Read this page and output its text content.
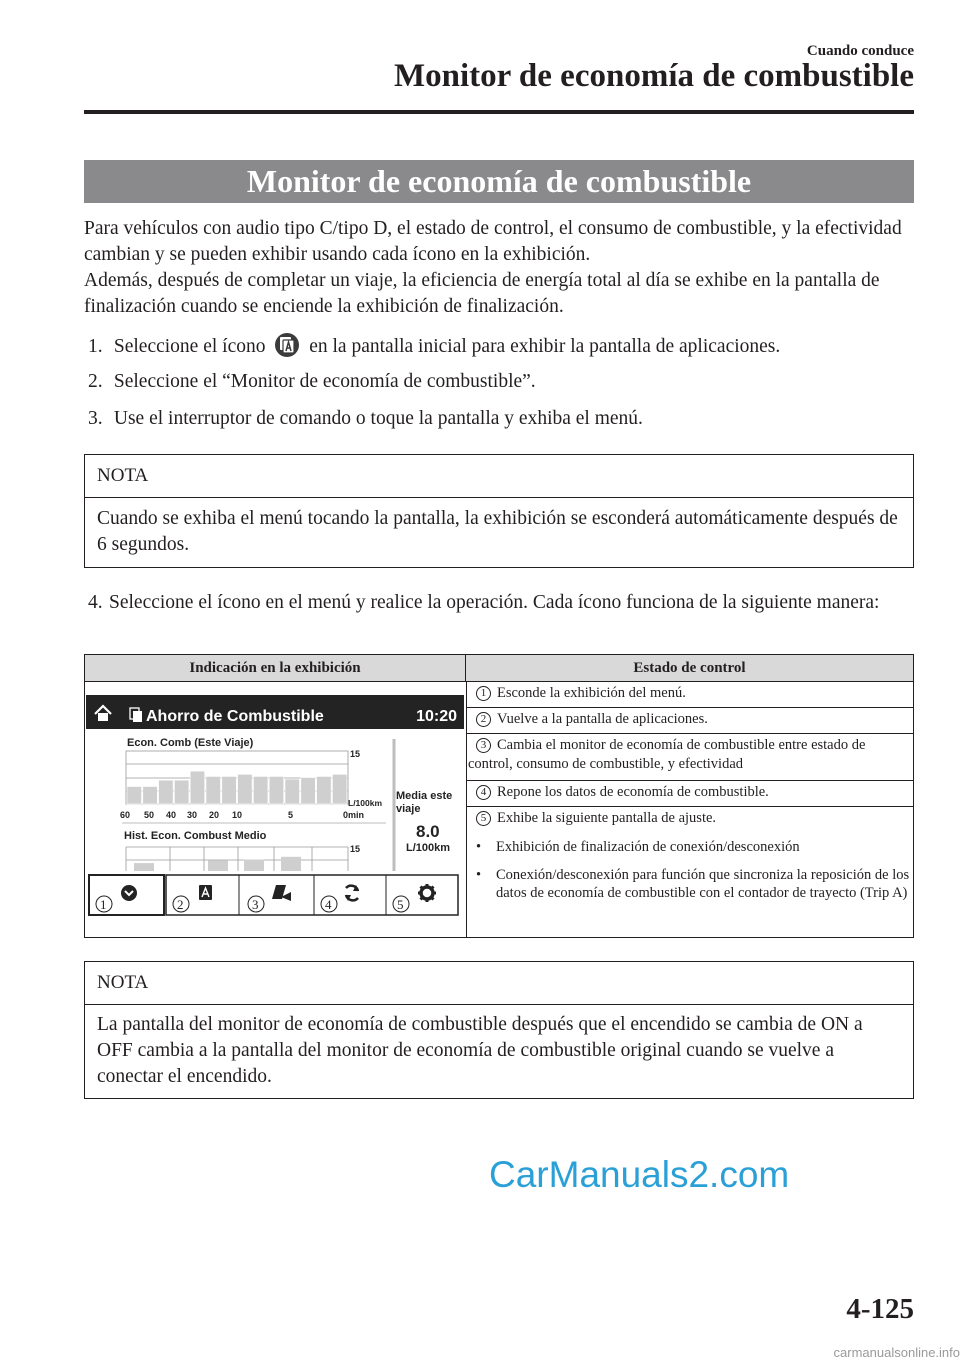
Cuando conduce
Monitor de economía de combustible
Monitor de economía de combustible
Para vehículos con audio tipo C/tipo D, el estado de control, el consumo de combustible, y la efectividad cambian y se pueden exhibir usando cada ícono en la exhibición.
Además, después de completar un viaje, la eficiencia de energía total al día se exhibe en la pantalla de finalización cuando se enciende la exhibición de finalización.
1. Seleccione el ícono en la pantalla inicial para exhibir la pantalla de aplicaciones.
2. Seleccione el “Monitor de economía de combustible”.
3. Use el interruptor de comando o toque la pantalla y exhiba el menú.
NOTA
Cuando se exhiba el menú tocando la pantalla, la exhibición se esconderá automáticamente después de 6 segundos.
4. Seleccione el ícono en el menú y realice la operación. Cada ícono funciona de la siguiente manera:
Indicación en la exhibición	Estado de control
1 Esconde la exhibición del menú.
2 Vuelve a la pantalla de aplicaciones.
3 Cambia el monitor de economía de combustible entre estado de control, consumo de combustible, y efectividad
4 Repone los datos de economía de combustible.
5 Exhibe la siguiente pantalla de ajuste.
• Exhibición de finalización de conexión/desconexión
• Conexión/desconexión para función que sincroniza la reposición de los datos de economía de combustible con el contador de trayecto (Trip A)
Ahorro de Combustible	10:20
Econ. Comb (Este Viaje)
15
L/100km
60 50 40 30 20 10	5	0min
Hist. Econ. Combust Medio
15
Media este
viaje
8.0
L/100km
1	2	3	4	5
NOTA
La pantalla del monitor de economía de combustible después que el encendido se cambia de ON a OFF cambia a la pantalla del monitor de economía de combustible original cuando se vuelve a conectar el encendido.
CarManuals2.com
4-125
carmanualsonline.info
